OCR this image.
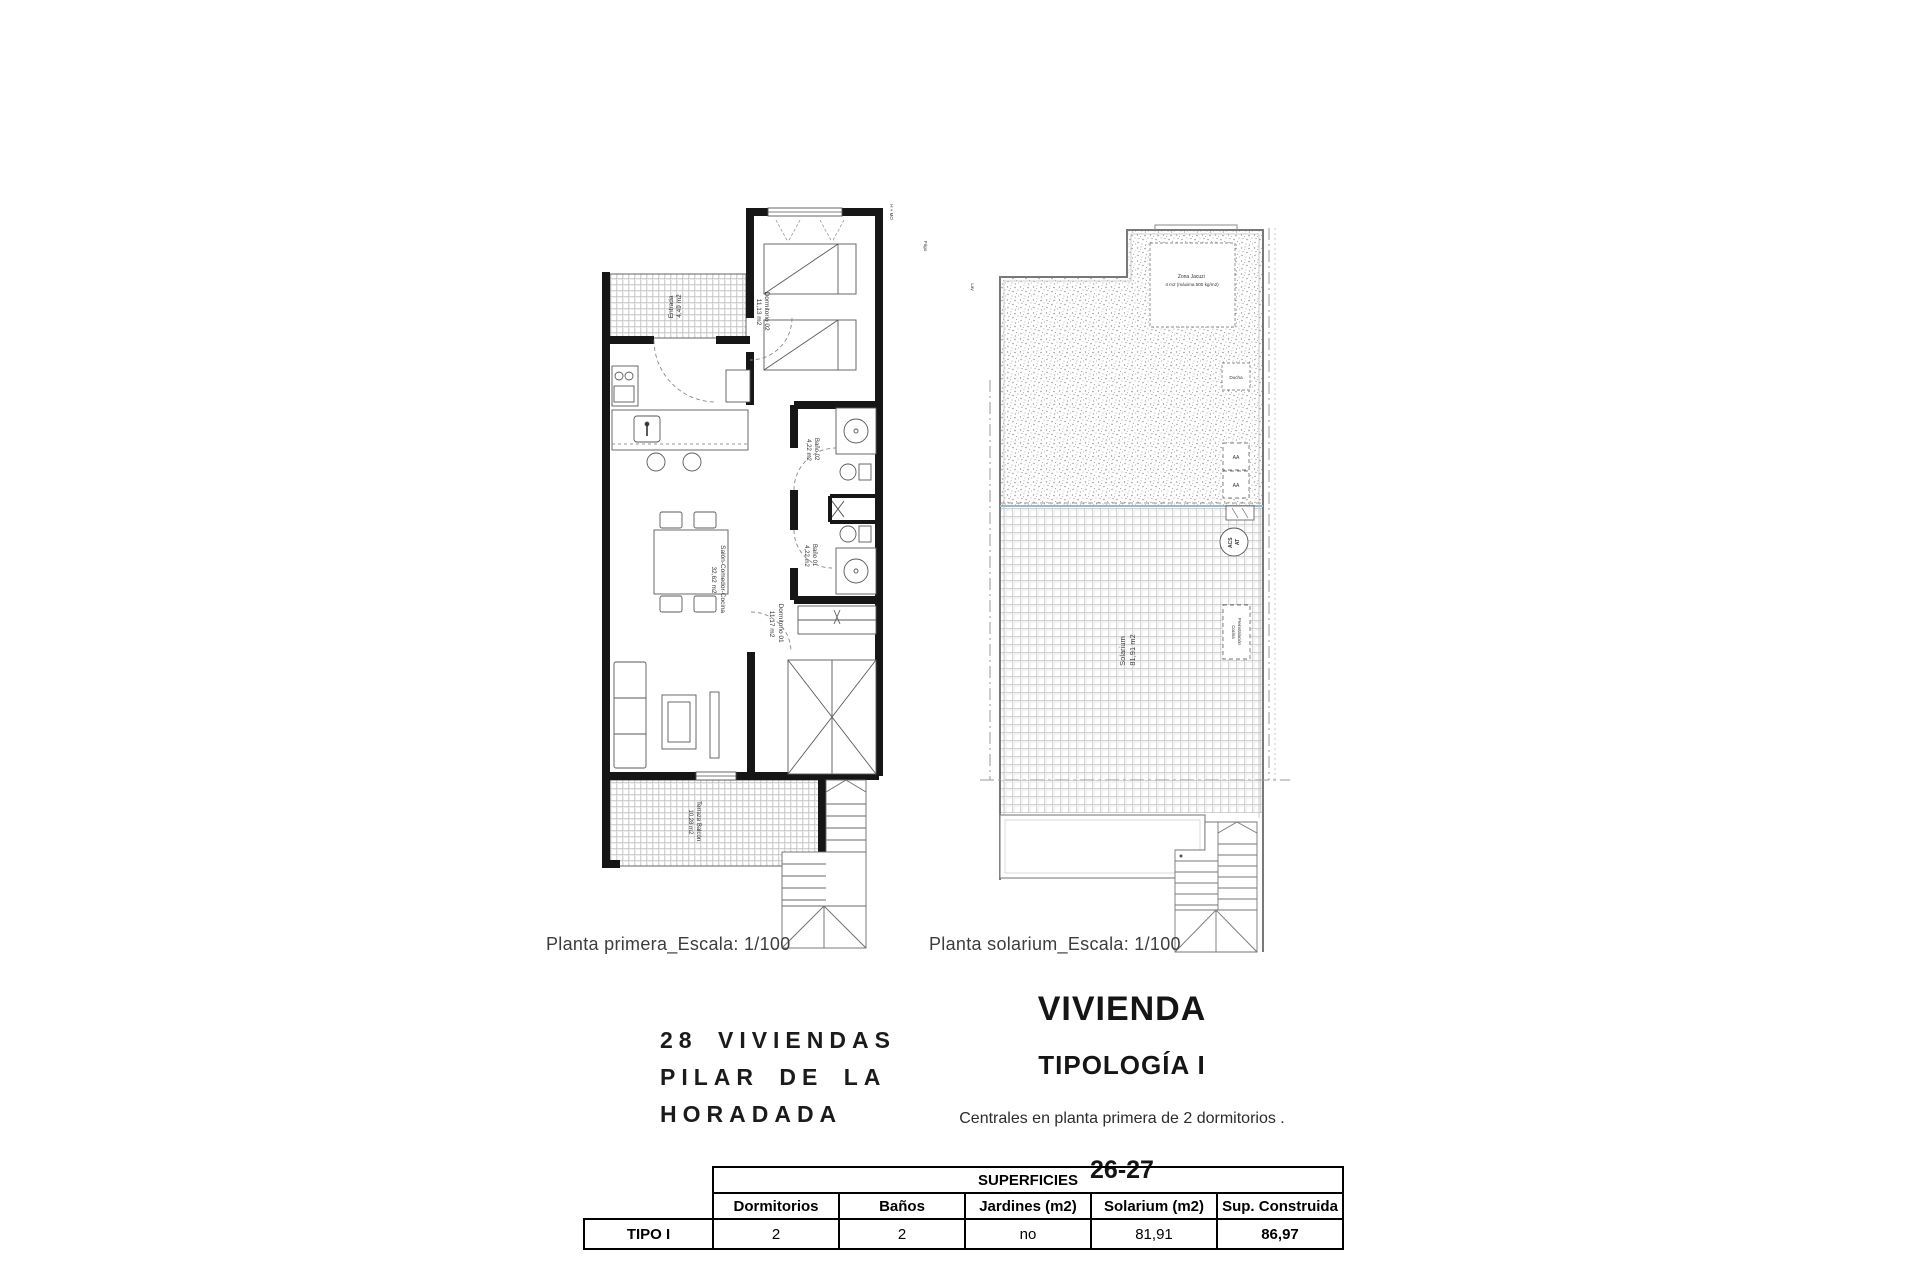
Entrada 4,49 m2
Terraza Balcón 10,28 m2
Dormitorio 02 11,13 m2
H + MO
Frigo
Lav
Baño 02 4,22 m2
Baño 01 4,22 m2
Salón-Comedor-Cocina 32,62 m2
Dormitorio 01 11,17 m2
Zona Jacuzi 4 m2 (máxima 500 kg/m2)
Ducha
AA
AA
ACS AT
Preinstalación Cocina
Solarium 81,91 m2
Planta primera_Escala: 1/100	Planta solarium_Escala: 1/100
28 VIVIENDAS
PILAR DE LA
HORADADA
VIVIENDA
TIPOLOGÍA I
Centrales en planta primera de 2 dormitorios .
26-27
	SUPERFICIES				
	Dormitorios	Baños	Jardines (m2)	Solarium (m2)	Sup. Construida
TIPO I	2	2	no	81,91	86,97
